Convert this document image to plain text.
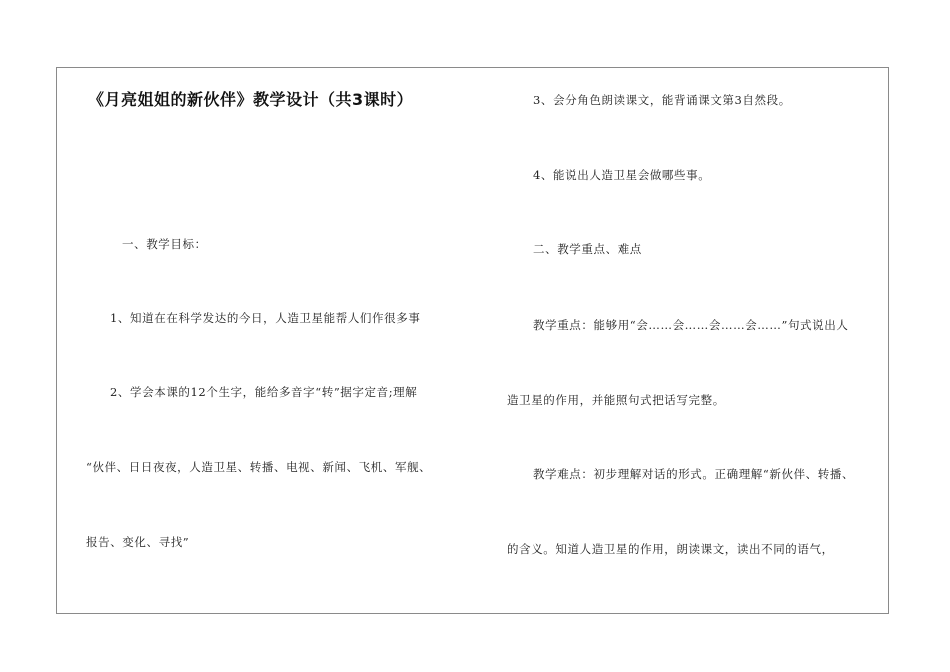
《月亮姐姐的新伙伴》教学设计（共3课时）
一、教学目标：
1、知道在在科学发达的今日，人造卫星能帮人们作很多事
2、学会本课的12个生字，能给多音字“转”据字定音;理解
“伙伴、日日夜夜，人造卫星、转播、电视、新闻、飞机、军舰、
报告、变化、寻找”
3、会分角色朗读课文，能背诵课文第3自然段。
4、能说出人造卫星会做哪些事。
二、教学重点、难点
教学重点：能够用“会……会……会……会……”句式说出人
造卫星的作用，并能照句式把话写完整。
教学难点：初步理解对话的形式。正确理解“新伙伴、转播、
的含义。知道人造卫星的作用，朗读课文，读出不同的语气，
